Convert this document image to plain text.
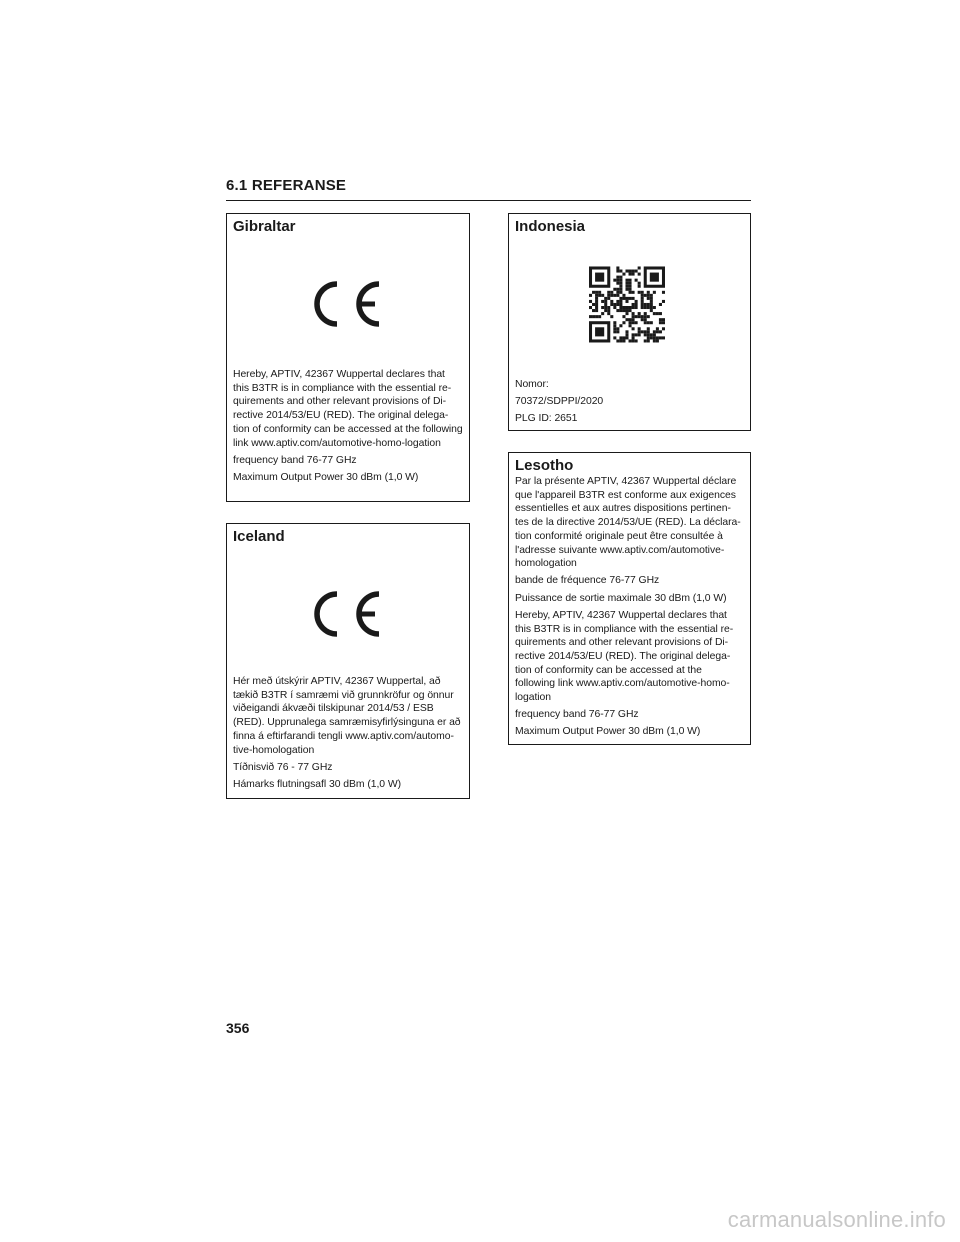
6.1 REFERANSE
Gibraltar

Hereby, APTIV, 42367 Wuppertal declares that this B3TR is in compliance with the essential re-quirements and other relevant provisions of Di-rective 2014/53/EU (RED). The original delega-tion of conformity can be accessed at the following link www.aptiv.com/automotive-homo-logation

frequency band 76-77 GHz

Maximum Output Power 30 dBm (1,0 W)

Iceland

Hér með útskýrir APTIV, 42367 Wuppertal, að tækið B3TR í samræmi við grunnkröfur og önnur viðeigandi ákvæði tilskipunar 2014/53 / ESB (RED). Upprunalega samræmisyfirlýsinguna er að finna á eftirfarandi tengli www.aptiv.com/automo-tive-homologation

Tíðnisvið 76 - 77 GHz

Hámarks flutningsafl 30 dBm (1,0 W)

Indonesia

Nomor:

70372/SDPPI/2020

PLG ID: 2651

Lesotho

Par la présente APTIV, 42367 Wuppertal déclare que l'appareil B3TR est conforme aux exigences essentielles et aux autres dispositions pertinen-tes de la directive 2014/53/UE (RED). La déclara-tion conformité originale peut être consultée à l'adresse suivante www.aptiv.com/automotive-homologation

bande de fréquence 76-77 GHz

Puissance de sortie maximale 30 dBm (1,0 W)

Hereby, APTIV, 42367 Wuppertal declares that this B3TR is in compliance with the essential re-quirements and other relevant provisions of Di-rective 2014/53/EU (RED). The original delega-tion of conformity can be accessed at the following link www.aptiv.com/automotive-homo-logation

frequency band 76-77 GHz

Maximum Output Power 30 dBm (1,0 W)

356
carmanualsonline.info
